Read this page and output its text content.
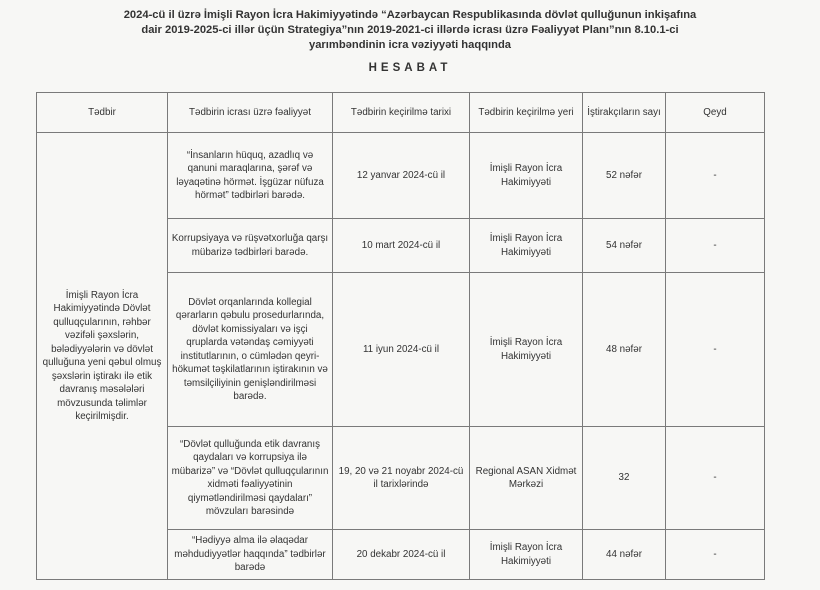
2024-cü il üzrə İmişli Rayon İcra Hakimiyyətində “Azərbaycan Respublikasında dövlət qulluğunun inkişafına
dair 2019-2025-ci illər üçün Strategiya”nın 2019-2021-ci illərdə icrası üzrə Fəaliyyət Planı”nın 8.10.1-ci
yarımbəndinin icra vəziyyəti haqqında
HESABAT
Tədbir	Tədbirin icrası üzrə fəaliyyət	Tədbirin keçirilmə tarixi	Tədbirin keçirilmə yeri	İştirakçıların sayı	Qeyd
İmişli Rayon İcra Hakimiyyətində Dövlət qulluqçularının, rəhbər vəzifəli şəxslərin, bələdiyyələrin və dövlət qulluğuna yeni qəbul olmuş şəxslərin iştirakı ilə etik davranış məsələləri mövzusunda təlimlər keçirilmişdir.	“İnsanların hüquq, azadlıq və qanuni maraqlarına, şərəf və ləyaqətinə hörmət. İşgüzar nüfuza hörmət” tədbirləri barədə.	12 yanvar 2024-cü il	İmişli Rayon İcra Hakimiyyəti	52 nəfər	-
	Korrupsiyaya və rüşvətxorluğa qarşı mübarizə tədbirləri barədə.	10 mart 2024-cü il	İmişli Rayon İcra Hakimiyyəti	54 nəfər	-
	Dövlət orqanlarında kollegial qərarların qəbulu prosedurlarında, dövlət komissiyaları və işçi qruplarda vətəndaş cəmiyyəti institutlarının, o cümlədən qeyri-hökumət təşkilatlarının iştirakının və təmsilçiliyinin genişləndirilməsi barədə.	11 iyun 2024-cü il	İmişli Rayon İcra Hakimiyyəti	48 nəfər	-
	“Dövlət qulluğunda etik davranış qaydaları və korrupsiya ilə mübarizə” və “Dövlət qulluqçularının xidməti fəaliyyətinin qiymətləndirilməsi qaydaları” mövzuları barəsində	19, 20 və 21 noyabr 2024-cü il tarixlərində	Regional ASAN Xidmət Mərkəzi	32	-
	“Hədiyyə alma ilə əlaqədar məhdudiyyətlər haqqında” tədbirlər barədə	20 dekabr 2024-cü il	İmişli Rayon İcra Hakimiyyəti	44 nəfər	-
